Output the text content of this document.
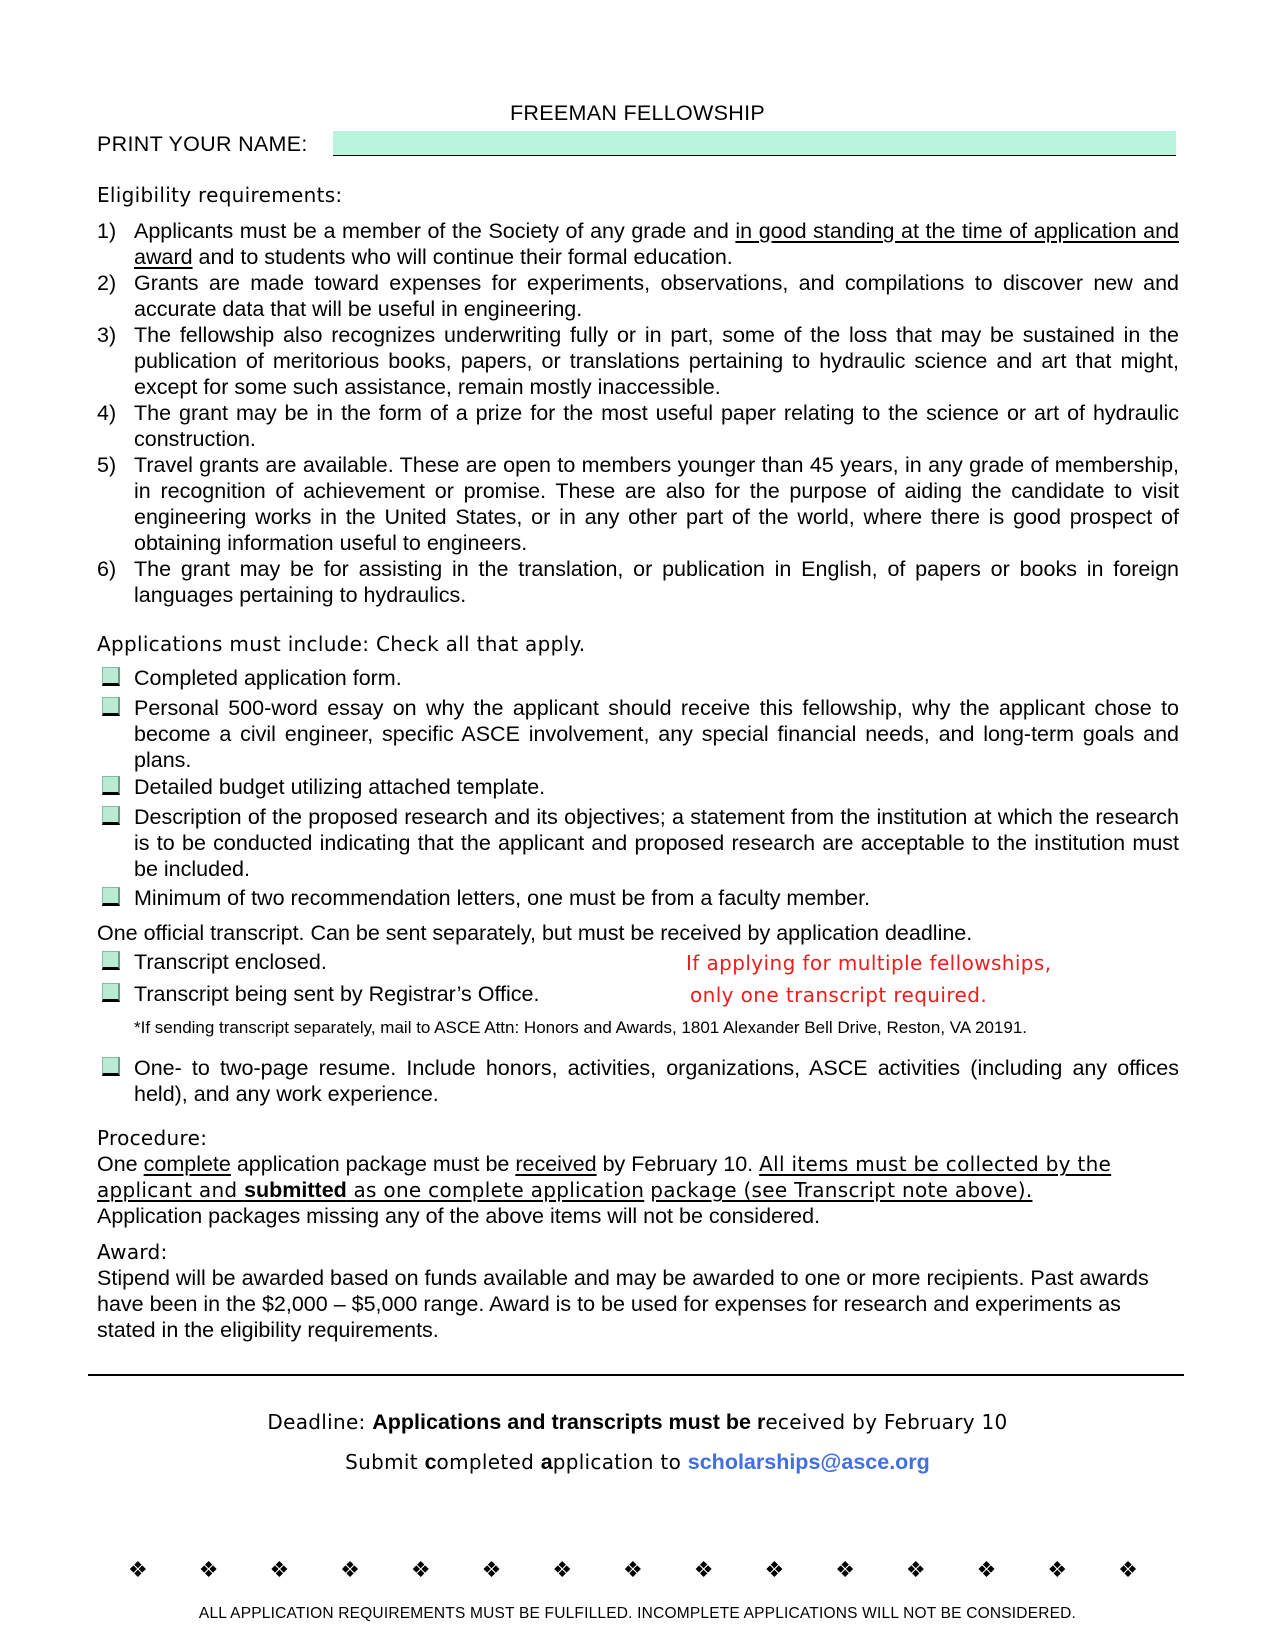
FREEMAN FELLOWSHIP
PRINT YOUR NAME:
Eligibility requirements:
1) Applicants must be a member of the Society of any grade and in good standing at the time of application and award and to students who will continue their formal education.
2) Grants are made toward expenses for experiments, observations, and compilations to discover new and accurate data that will be useful in engineering.
3) The fellowship also recognizes underwriting fully or in part, some of the loss that may be sustained in the publication of meritorious books, papers, or translations pertaining to hydraulic science and art that might, except for some such assistance, remain mostly inaccessible.
4) The grant may be in the form of a prize for the most useful paper relating to the science or art of hydraulic construction.
5) Travel grants are available. These are open to members younger than 45 years, in any grade of membership, in recognition of achievement or promise. These are also for the purpose of aiding the candidate to visit engineering works in the United States, or in any other part of the world, where there is good prospect of obtaining information useful to engineers.
6) The grant may be for assisting in the translation, or publication in English, of papers or books in foreign languages pertaining to hydraulics.
Applications must include: Check all that apply.
Completed application form.
Personal 500-word essay on why the applicant should receive this fellowship, why the applicant chose to become a civil engineer, specific ASCE involvement, any special financial needs, and long-term goals and plans.
Detailed budget utilizing attached template.
Description of the proposed research and its objectives; a statement from the institution at which the research is to be conducted indicating that the applicant and proposed research are acceptable to the institution must be included.
Minimum of two recommendation letters, one must be from a faculty member.
One official transcript. Can be sent separately, but must be received by application deadline.
Transcript enclosed.	If applying for multiple fellowships,
Transcript being sent by Registrar’s Office.	only one transcript required.
*If sending transcript separately, mail to ASCE Attn: Honors and Awards, 1801 Alexander Bell Drive, Reston, VA 20191.
One- to two-page resume. Include honors, activities, organizations, ASCE activities (including any offices held), and any work experience.
Procedure:
One complete application package must be received by February 10. All items must be collected by the applicant and submitted as one complete application package (see Transcript note above).
Application packages missing any of the above items will not be considered.
Award:
Stipend will be awarded based on funds available and may be awarded to one or more recipients. Past awards have been in the $2,000 – $5,000 range. Award is to be used for expenses for research and experiments as stated in the eligibility requirements.
Deadline: Applications and transcripts must be received by February 10
Submit completed application to scholarships@asce.org
❖ ❖ ❖ ❖ ❖ ❖ ❖ ❖ ❖ ❖ ❖ ❖ ❖ ❖ ❖
ALL APPLICATION REQUIREMENTS MUST BE FULFILLED. INCOMPLETE APPLICATIONS WILL NOT BE CONSIDERED.
